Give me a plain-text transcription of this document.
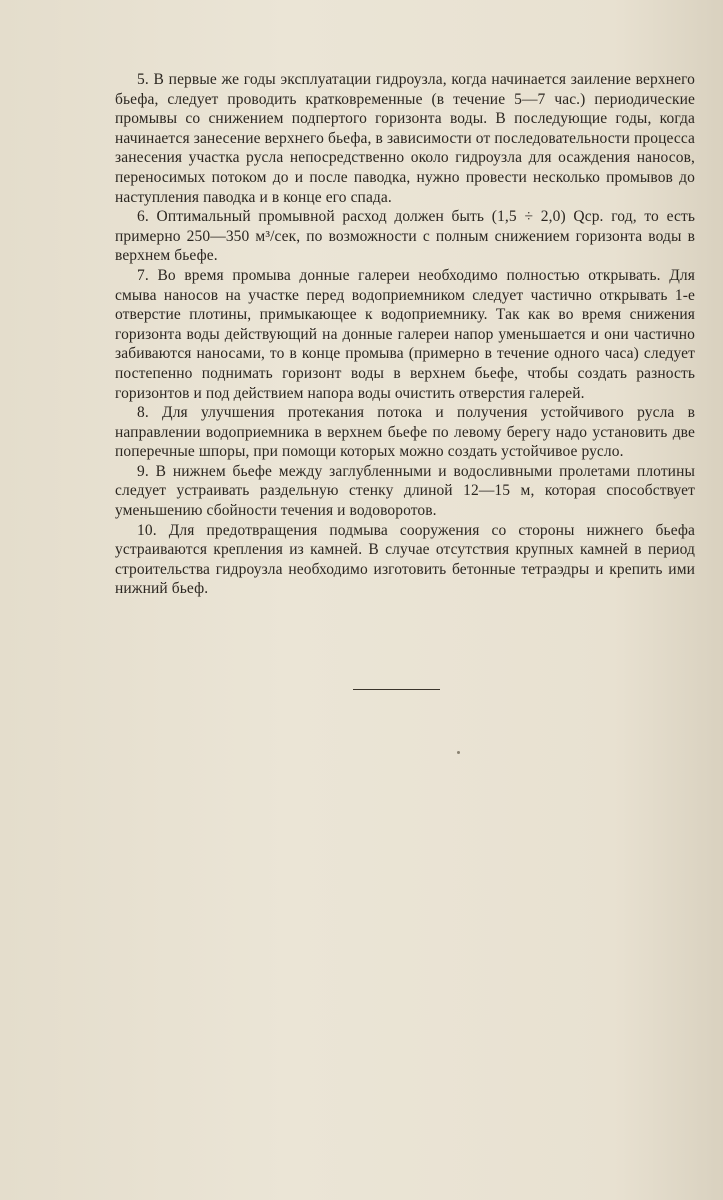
5. В первые же годы эксплуатации гидроузла, когда начинается заиление верхнего бьефа, следует проводить кратковременные (в течение 5—7 час.) периодические промывы со снижением подпертого горизонта воды. В последующие годы, когда начинается занесение верхнего бьефа, в зависимости от последовательности процесса занесения участка русла непосредственно около гидроузла для осаждения наносов, переносимых потоком до и после паводка, нужно провести несколько промывов до наступления паводка и в конце его спада.

6. Оптимальный промывной расход должен быть (1,5 ÷ 2,0) Qср. год, то есть примерно 250—350 м³/сек, по возможности с полным снижением горизонта воды в верхнем бьефе.

7. Во время промыва донные галереи необходимо полностью открывать. Для смыва наносов на участке перед водоприемником следует частично открывать 1-е отверстие плотины, примыкающее к водоприемнику. Так как во время снижения горизонта воды действующий на донные галереи напор уменьшается и они частично забиваются наносами, то в конце промыва (примерно в течение одного часа) следует постепенно поднимать горизонт воды в верхнем бьефе, чтобы создать разность горизонтов и под действием напора воды очистить отверстия галерей.

8. Для улучшения протекания потока и получения устойчивого русла в направлении водоприемника в верхнем бьефе по левому берегу надо установить две поперечные шпоры, при помощи которых можно создать устойчивое русло.

9. В нижнем бьефе между заглубленными и водосливными пролетами плотины следует устраивать раздельную стенку длиной 12—15 м, которая способствует уменьшению сбойности течения и водоворотов.

10. Для предотвращения подмыва сооружения со стороны нижнего бьефа устраиваются крепления из камней. В случае отсутствия крупных камней в период строительства гидроузла необходимо изготовить бетонные тетраэдры и крепить ими нижний бьеф.
